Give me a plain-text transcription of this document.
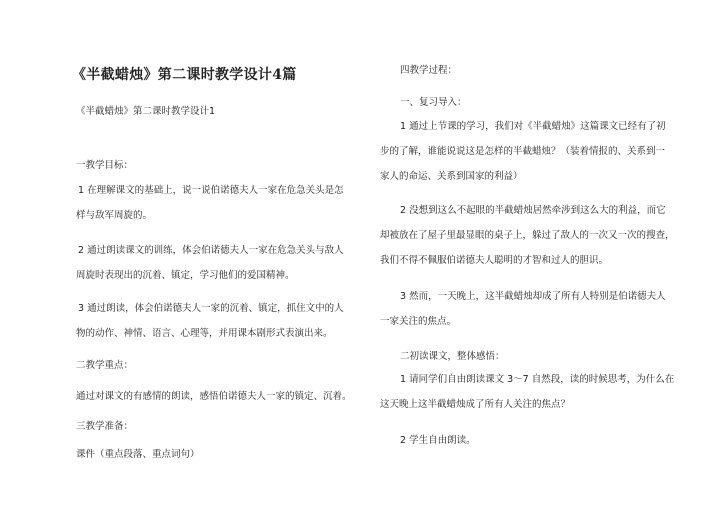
《半截蜡烛》第二课时教学设计4篇
《半截蜡烛》第二课时教学设计1
一教学目标：
1 在理解课文的基础上，说一说伯诺德夫人一家在危急关头是怎
样与敌军周旋的。
2 通过朗读课文的训练，体会伯诺德夫人一家在危急关头与敌人
周旋时表现出的沉着、镇定，学习他们的爱国精神。
3 通过朗读，体会伯诺德夫人一家的沉着、镇定，抓住文中的人
物的动作、神情、语言、心理等，并用课本剧形式表演出来。
二教学重点：
通过对课文的有感情的朗读，感悟伯诺德夫人一家的镇定、沉着。
三教学准备：
课件（重点段落、重点词句）
四教学过程：
一、复习导入：
1 通过上节课的学习，我们对《半截蜡烛》这篇课文已经有了初
步的了解，谁能说说这是怎样的半截蜡烛？（装着情报的、关系到一
家人的命运、关系到国家的利益）
2 没想到这么不起眼的半截蜡烛居然牵涉到这么大的利益，而它
却被放在了屋子里最显眼的桌子上，躲过了敌人的一次又一次的搜查，
我们不得不佩服伯诺德夫人聪明的才智和过人的胆识。
3 然而，一天晚上，这半截蜡烛却成了所有人特别是伯诺德夫人
一家关注的焦点。
二初读课文，整体感悟：
1 请同学们自由朗读课文 3～7 自然段，读的时候思考，为什么在
这天晚上这半截蜡烛成了所有人关注的焦点？
2 学生自由朗读。
